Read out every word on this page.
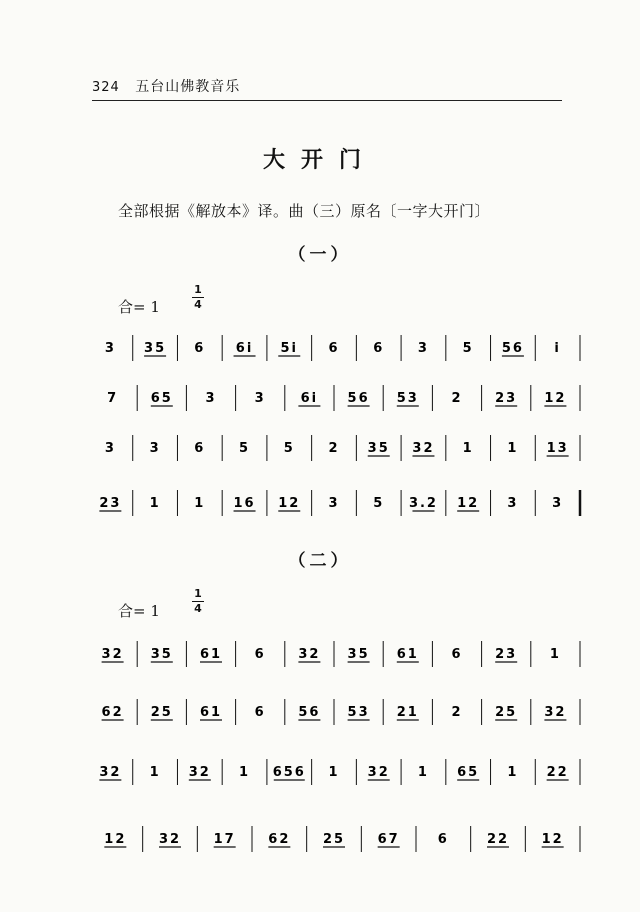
324 五台山佛教音乐
大开门
全部根据《解放本》译。曲（三）原名〔一字大开门〕
（一）
合= 1
1
4
（二）
合= 1
1
4
3 35 6 6i 5i 6	6	3	5 56 i
7	65	3	3	6i 56 53	2	23 12
3	3	6	5	5	2 35 32 1	1 13
23 1	1 16 12 3	5 3.2 12 3	3
32 35 61	6	32 35 61	6	23	1
62 25 61	6	56 53 21	2	25 32
32 1 32 1 656 1 32 1 65 1 22
12	32	17	62	25	67	6	22	12
